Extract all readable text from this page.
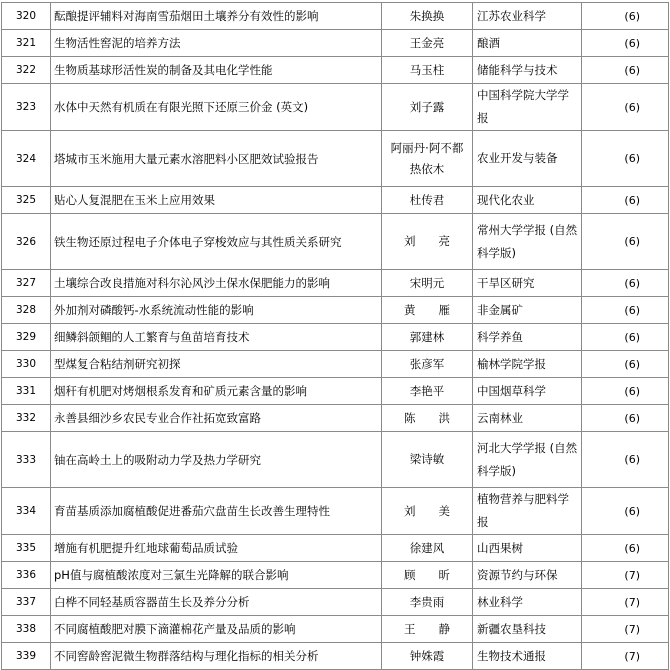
320	酝酿提评辅料对海南雪茄烟田土壤养分有效性的影响	朱换换	江苏农业科学	(6)
321	生物活性窖泥的培养方法	王金亮	酿酒	(6)
322	生物质基球形活性炭的制备及其电化学性能	马玉柱	储能科学与技术	(6)
323	水体中天然有机质在有限光照下还原三价金 (英文)	刘子露	中国科学院大学学报	(6)
324	塔城市玉米施用大量元素水溶肥料小区肥效试验报告	阿丽丹·阿不都热依木	农业开发与装备	(6)
325	贴心人复混肥在玉米上应用效果	杜传君	现代化农业	(6)
326	铁生物还原过程电子介体电子穿梭效应与其性质关系研究	刘　　亮	常州大学学报 (自然科学版)	(6)
327	土壤综合改良措施对科尔沁风沙土保水保肥能力的影响	宋明元	干旱区研究	(6)
328	外加剂对磷酸钙-水系统流动性能的影响	黄　　雁	非金属矿	(6)
329	细鳞斜颌鲴的人工繁育与鱼苗培育技术	郭建林	科学养鱼	(6)
330	型煤复合粘结剂研究初探	张彦军	榆林学院学报	(6)
331	烟秆有机肥对烤烟根系发育和矿质元素含量的影响	李艳平	中国烟草科学	(6)
332	永善县细沙乡农民专业合作社拓宽致富路	陈　　洪	云南林业	(6)
333	铀在高岭土上的吸附动力学及热力学研究	梁诗敏	河北大学学报 (自然科学版)	(6)
334	育苗基质添加腐植酸促进番茄穴盘苗生长改善生理特性	刘　　美	植物营养与肥料学报	(6)
335	增施有机肥提升红地球葡萄品质试验	徐建风	山西果树	(6)
336	pH值与腐植酸浓度对三氯生光降解的联合影响	顾　　昕	资源节约与环保	(7)
337	白桦不同轻基质容器苗生长及养分分析	李贵雨	林业科学	(7)
338	不同腐植酸肥对膜下滴灌棉花产量及品质的影响	王　　静	新疆农垦科技	(7)
339	不同窖龄窖泥微生物群落结构与理化指标的相关分析	钟姝霞	生物技术通报	(7)
